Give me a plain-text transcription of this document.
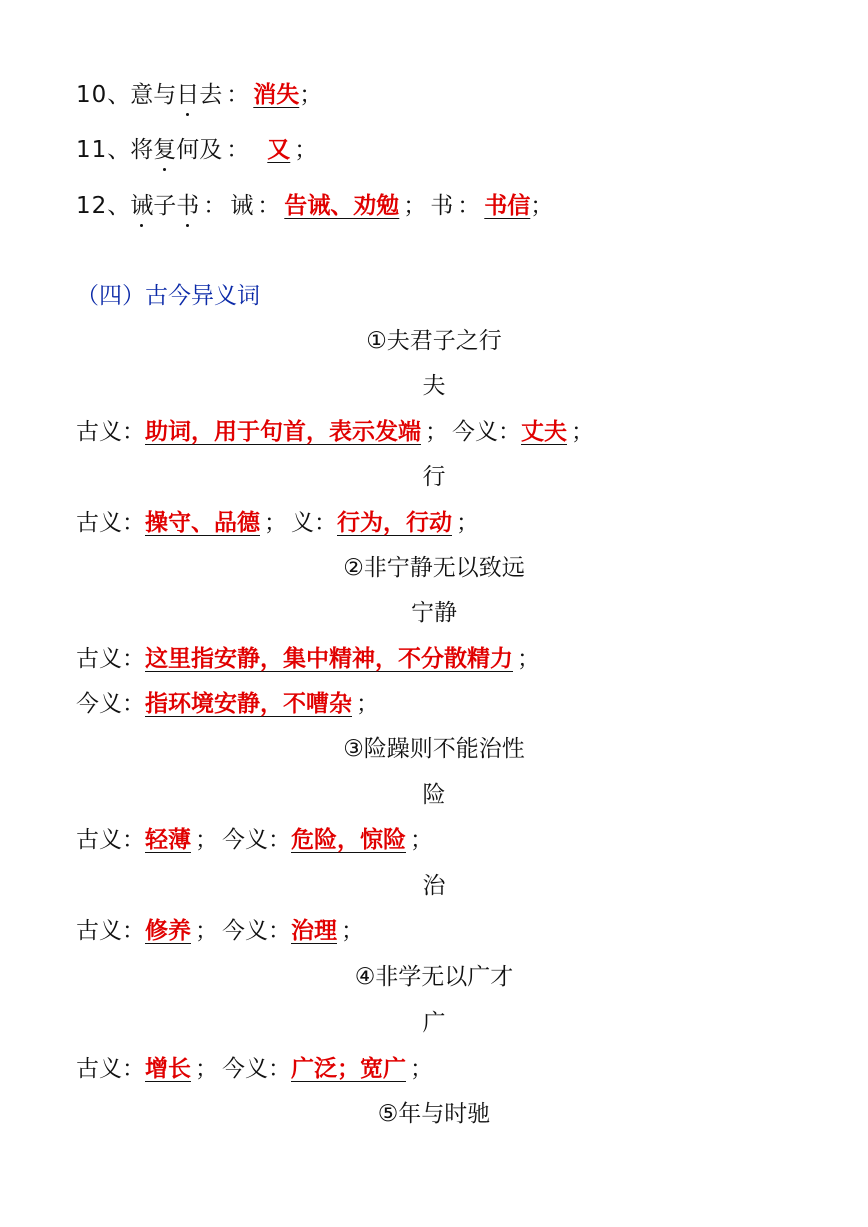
10、意与日去 ： 消失；
11、将复何及 ： 又 ；
12、诫子书 ： 诫 ： 告诫、劝勉 ； 书 ： 书信；
（四）古今异义词
①夫君子之行
夫
古义：助词，用于句首，表示发端 ； 今义：丈夫 ；
行
古义：操守、品德 ； 义：行为，行动 ；
②非宁静无以致远
宁静
古义：这里指安静，集中精神，不分散精力 ；
今义：指环境安静，不嘈杂 ；
③险躁则不能治性
险
古义：轻薄 ； 今义：危险，惊险 ；
治
古义：修养 ； 今义：治理 ；
④非学无以广才
广
古义：增长 ； 今义：广泛；宽广 ；
⑤年与时驰
